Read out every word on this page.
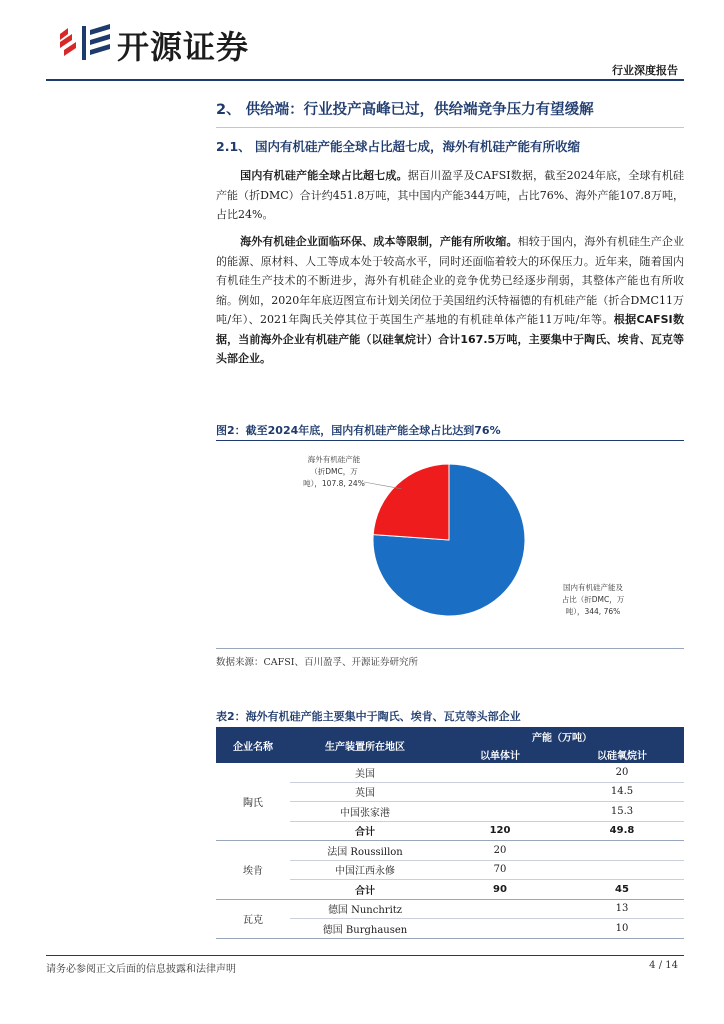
开源证券
行业深度报告
2、 供给端：行业投产高峰已过，供给端竞争压力有望缓解
2.1、 国内有机硅产能全球占比超七成，海外有机硅产能有所收缩
国内有机硅产能全球占比超七成。据百川盈孚及CAFSI数据，截至2024年底，全球有机硅产能（折DMC）合计约451.8万吨，其中国内产能344万吨，占比76%、海外产能107.8万吨，占比24%。
海外有机硅企业面临环保、成本等限制，产能有所收缩。相较于国内，海外有机硅生产企业的能源、原材料、人工等成本处于较高水平，同时还面临着较大的环保压力。近年来，随着国内有机硅生产技术的不断进步，海外有机硅企业的竞争优势已经逐步削弱，其整体产能也有所收缩。例如，2020年年底迈图宣布计划关闭位于美国纽约沃特福德的有机硅产能（折合DMC11万吨/年）、2021年陶氏关停其位于英国生产基地的有机硅单体产能11万吨/年等。根据CAFSI数据，当前海外企业有机硅产能（以硅氧烷计）合计167.5万吨，主要集中于陶氏、埃肯、瓦克等头部企业。
图2：截至2024年底，国内有机硅产能全球占比达到76%
海外有机硅产能（折DMC，万吨），107.8, 24%
国内有机硅产能及占比（折DMC，万吨），344, 76%
数据来源：CAFSI、百川盈孚、开源证券研究所
表2：海外有机硅产能主要集中于陶氏、埃肯、瓦克等头部企业
企业名称	生产装置所在地区	产能（万吨）	
		以单体计	以硅氧烷计
陶氏	美国		20
	英国		14.5
	中国张家港		15.3
	合计	120	49.8
埃肯	法国 Roussillon	20	
	中国江西永修	70	
	合计	90	45
瓦克	德国 Nunchritz		13
	德国 Burghausen		10
请务必参阅正文后面的信息披露和法律声明	4 / 14
